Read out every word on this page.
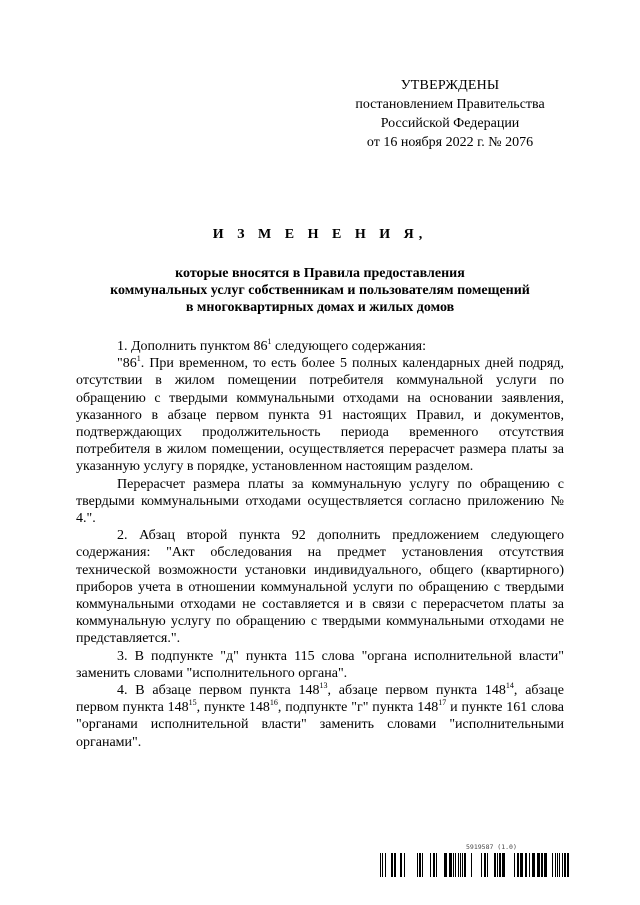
УТВЕРЖДЕНЫ
постановлением Правительства
Российской Федерации
от 16 ноября 2022 г. № 2076
И З М Е Н Е Н И Я,
которые вносятся в Правила предоставления
коммунальных услуг собственникам и пользователям помещений
в многоквартирных домах и жилых домов

1. Дополнить пунктом $86^1$ следующего содержания:

"$86^1$. При временном, то есть более 5 полных календарных дней подряд, отсутствии в жилом помещении потребителя коммунальной услуги по обращению с твердыми коммунальными отходами на основании заявления, указанного в абзаце первом пункта 91 настоящих Правил, и документов, подтверждающих продолжительность периода временного отсутствия потребителя в жилом помещении, осуществляется перерасчет размера платы за указанную услугу в порядке, установленном настоящим разделом.

Перерасчет размера платы за коммунальную услугу по обращению с твердыми коммунальными отходами осуществляется согласно приложению № 4.".

2. Абзац второй пункта 92 дополнить предложением следующего содержания: "Акт обследования на предмет установления отсутствия технической возможности установки индивидуального, общего (квартирного) приборов учета в отношении коммунальной услуги по обращению с твердыми коммунальными отходами не составляется и в связи с перерасчетом платы за коммунальную услугу по обращению с твердыми коммунальными отходами не представляется.".

3. В подпункте "д" пункта 115 слова "органа исполнительной власти" заменить словами "исполнительного органа".

4. В абзаце первом пункта $148^{13}$, абзаце первом пункта $148^{14}$, абзаце первом пункта $148^{15}$, пункте $148^{16}$, подпункте "г" пункта $148^{17}$ и пункте 161 слова "органами исполнительной власти" заменить словами "исполнительными органами".

5919587 (1.0)
